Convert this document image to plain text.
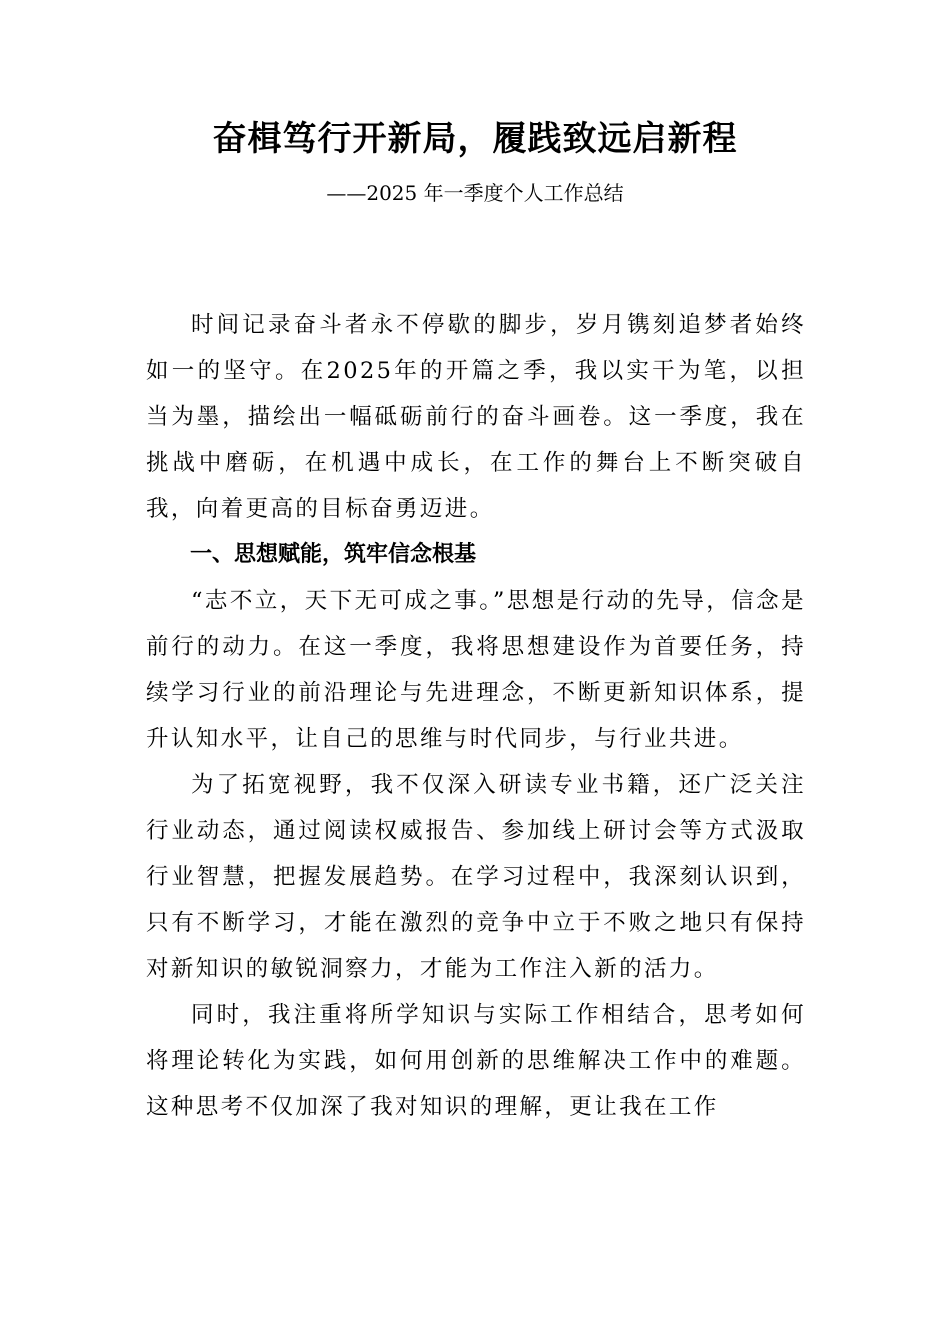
奋楫笃行开新局，履践致远启新程

——2025 年一季度个人工作总结

时间记录奋斗者永不停歇的脚步，岁月镌刻追梦者始终如一的坚守。在2025年的开篇之季，我以实干为笔，以担当为墨，描绘出一幅砥砺前行的奋斗画卷。这一季度，我在挑战中磨砺，在机遇中成长，在工作的舞台上不断突破自我，向着更高的目标奋勇迈进。

一、思想赋能，筑牢信念根基

“志不立，天下无可成之事。”思想是行动的先导，信念是前行的动力。在这一季度，我将思想建设作为首要任务，持续学习行业的前沿理论与先进理念，不断更新知识体系，提升认知水平，让自己的思维与时代同步，与行业共进。

为了拓宽视野，我不仅深入研读专业书籍，还广泛关注行业动态，通过阅读权威报告、参加线上研讨会等方式汲取行业智慧，把握发展趋势。在学习过程中，我深刻认识到，只有不断学习，才能在激烈的竞争中立于不败之地只有保持对新知识的敏锐洞察力，才能为工作注入新的活力。

同时，我注重将所学知识与实际工作相结合，思考如何将理论转化为实践，如何用创新的思维解决工作中的难题。这种思考不仅加深了我对知识的理解，更让我在工作
